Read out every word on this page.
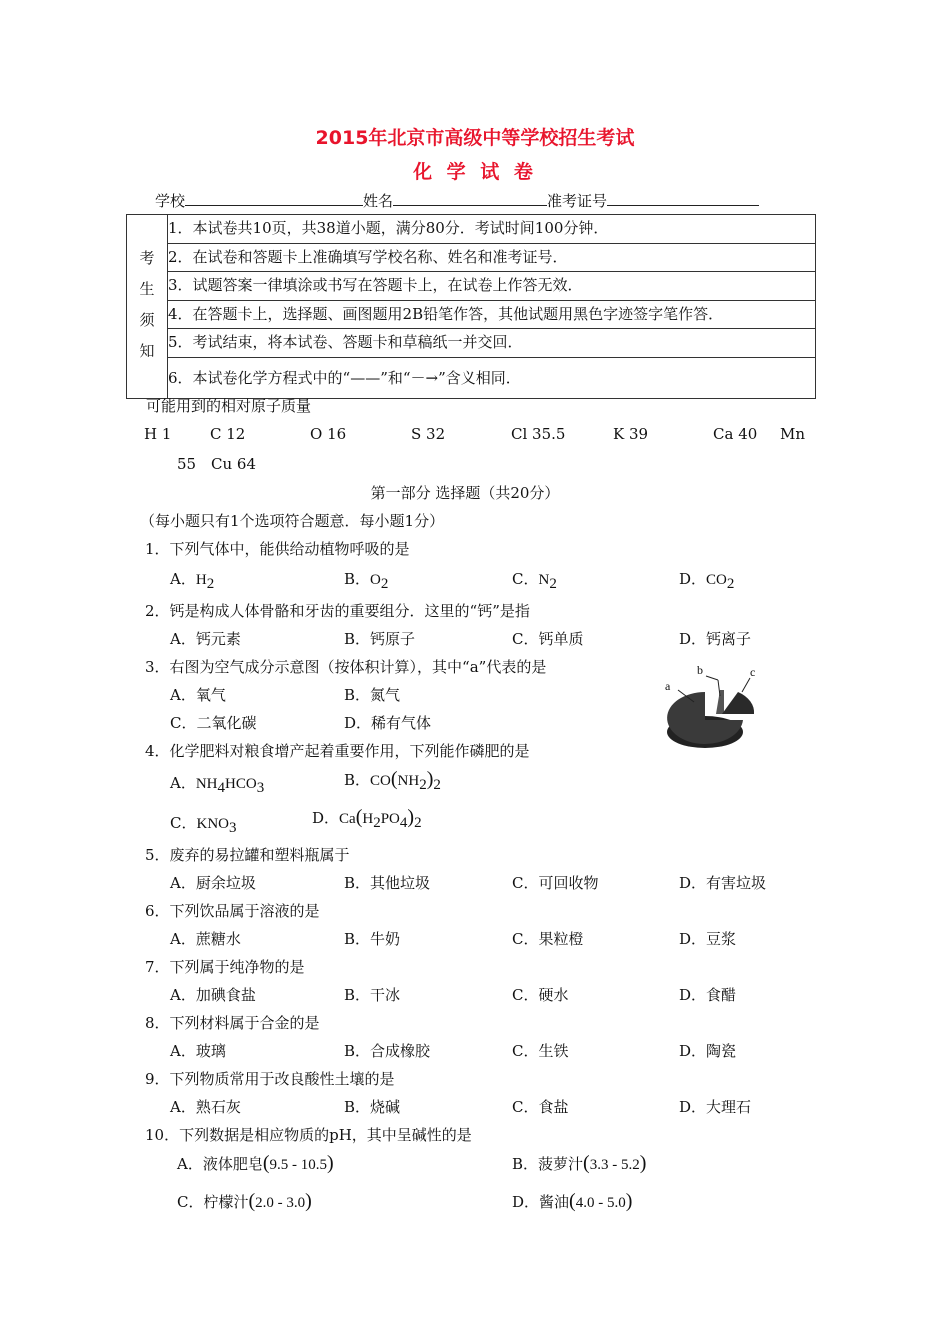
2015年北京市高级中等学校招生考试
化 学 试 卷
学校	姓名	准考证号
考
生
须
知
	1．本试卷共10页，共38道小题，满分80分．考试时间100分钟．
2．在试卷和答题卡上准确填写学校名称、姓名和准考证号．
3．试题答案一律填涂或书写在答题卡上，在试卷上作答无效．
4．在答题卡上，选择题、画图题用2B铅笔作答，其他试题用黑色字迹签字笔作答．
5．考试结束，将本试卷、答题卡和草稿纸一并交回．
6．本试卷化学方程式中的“——”和“－→”含义相同．
可能用到的相对原子质量
H 1	C 12	O 16	S 32	Cl 35.5	K 39	Ca 40 Mn
55 Cu 64
第一部分 选择题（共20分）
（每小题只有1个选项符合题意．每小题1分）
1．下列气体中，能供给动植物呼吸的是
A．$H_2$	B．$O_2$	C．$N_2$	D．$CO_2$
2．钙是构成人体骨骼和牙齿的重要组分．这里的“钙”是指
A．钙元素	B．钙原子	C．钙单质	D．钙离子
3．右图为空气成分示意图（按体积计算），其中“a”代表的是
A．氧气	B．氮气
C．二氧化碳	D．稀有气体
a
b	c
4．化学肥料对粮食增产起着重要作用，下列能作磷肥的是
A．$NH_4HCO_3$	B．$CO(NH_2)_2$
C．$KNO_3$
D．$Ca(H_2PO_4)_2$
5．废弃的易拉罐和塑料瓶属于
A．厨余垃圾	B．其他垃圾	C．可回收物	D．有害垃圾
6．下列饮品属于溶液的是
A．蔗糖水	B．牛奶	C．果粒橙	D．豆浆
7．下列属于纯净物的是
A．加碘食盐	B．干冰	C．硬水	D．食醋
8．下列材料属于合金的是
A．玻璃	B．合成橡胶	C．生铁	D．陶瓷
9．下列物质常用于改良酸性土壤的是
A．熟石灰	B．烧碱	C．食盐	D．大理石
10．下列数据是相应物质的pH，其中呈碱性的是
A．液体肥皂(9.5 - 10.5)	B．菠萝汁(3.3 - 5.2)
C．柠檬汁(2.0 - 3.0)	D．酱油(4.0 - 5.0)
